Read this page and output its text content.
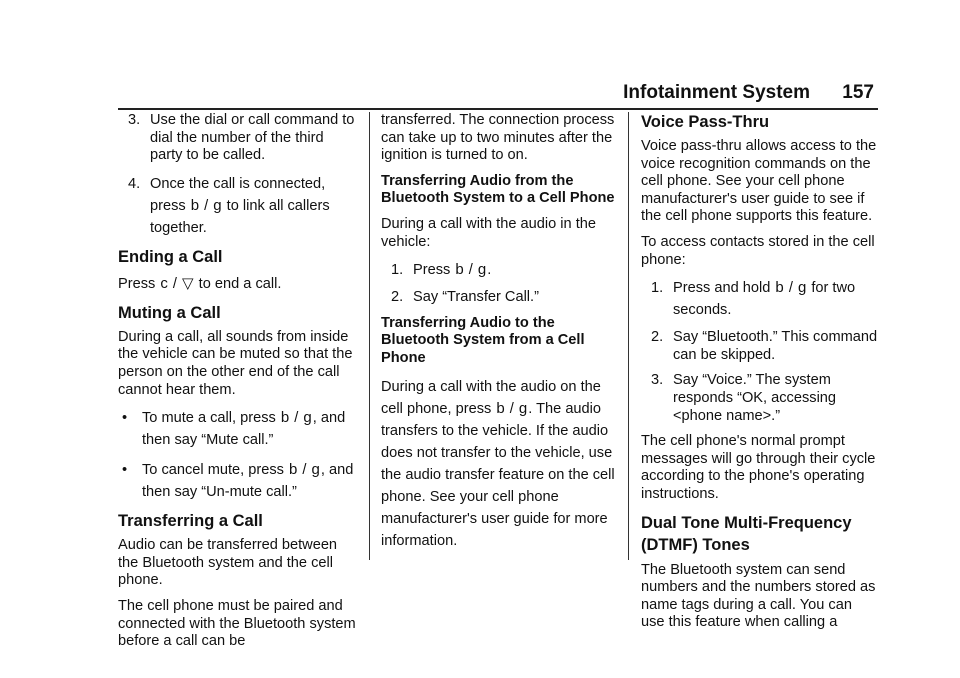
Infotainment System 157
3. Use the dial or call command to dial the number of the third party to be called.
4. Once the call is connected,
press b / g to link all callers together.
Ending a Call

Press c / ▽ to end a call.

Muting a Call

During a call, all sounds from inside the vehicle can be muted so that the person on the other end of the call cannot hear them.

•	To mute a call, press b / g, and then say “Mute call.”
•	To cancel mute, press b / g, and then say “Un-mute call.”
Transferring a Call

Audio can be transferred between the Bluetooth system and the cell phone.

The cell phone must be paired and connected with the Bluetooth system before a call can be

transferred. The connection process can take up to two minutes after the ignition is turned to on.

Transferring Audio from the Bluetooth System to a Cell Phone

During a call with the audio in the vehicle:

1. Press b / g.
2. Say “Transfer Call.”

Transferring Audio to the Bluetooth System from a Cell Phone

During a call with the audio on the cell phone, press b / g. The audio transfers to the vehicle. If the audio does not transfer to the vehicle, use the audio transfer feature on the cell phone. See your cell phone manufacturer's user guide for more information.

Voice Pass-Thru

Voice pass-thru allows access to the voice recognition commands on the cell phone. See your cell phone manufacturer's user guide to see if the cell phone supports this feature.

To access contacts stored in the cell phone:

1. Press and hold b / g for two seconds.
2. Say “Bluetooth.” This command can be skipped.
3. Say “Voice.” The system responds “OK, accessing <phone name>.”

The cell phone's normal prompt messages will go through their cycle according to the phone's operating instructions.

Dual Tone Multi-Frequency (DTMF) Tones

The Bluetooth system can send numbers and the numbers stored as name tags during a call. You can use this feature when calling a
